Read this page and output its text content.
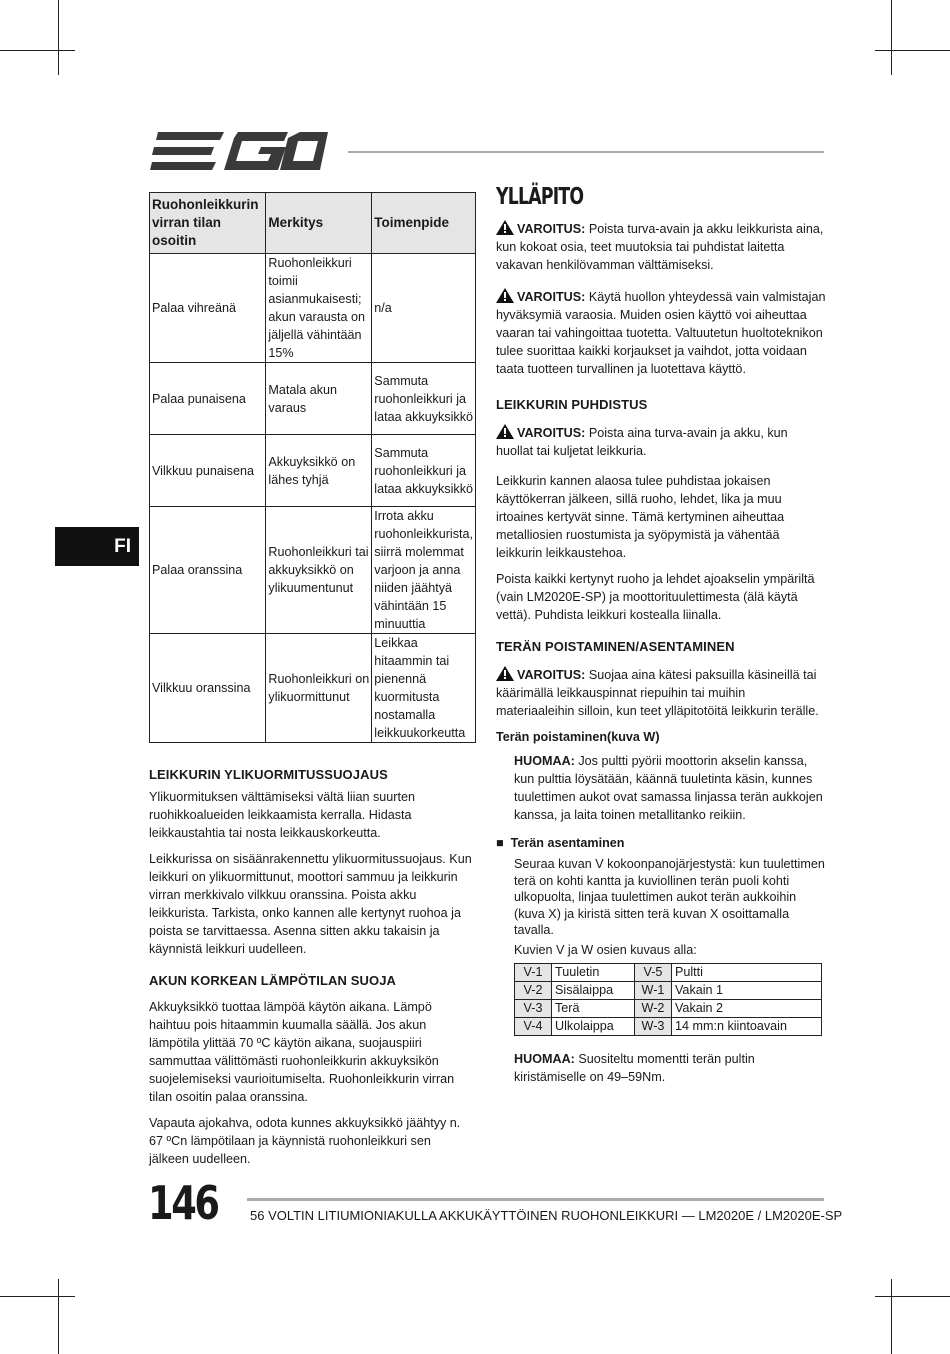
FI
Ruohonleikkurin virran tilan osoitin	Merkitys	Toimenpide
Palaa vihreänä	Ruohonleikkuri toimii asianmukaisesti; akun varausta on jäljellä vähintään 15%	n/a
Palaa punaisena	Matala akun varaus	Sammuta ruohonleikkuri ja lataa akkuyksikkö
Vilkkuu punaisena	Akkuyksikkö on lähes tyhjä	Sammuta ruohonleikkuri ja lataa akkuyksikkö
Palaa oranssina	Ruohonleikkuri tai akkuyksikkö on ylikuumentunut	Irrota akku ruohonleikkurista, siirrä molemmat varjoon ja anna niiden jäähtyä vähintään 15 minuuttia
Vilkkuu oranssina	Ruohonleikkuri on ylikuormittunut	Leikkaa hitaammin tai pienennä kuormitusta nostamalla leikkuukorkeutta
LEIKKURIN YLIKUORMITUSSUOJAUS
Ylikuormituksen välttämiseksi vältä liian suurten ruohikkoalueiden leikkaamista kerralla. Hidasta leikkaustahtia tai nosta leikkauskorkeutta.
Leikkurissa on sisäänrakennettu ylikuormitussuojaus. Kun leikkuri on ylikuormittunut, moottori sammuu ja leikkurin virran merkkivalo vilkkuu oranssina. Poista akku leikkurista. Tarkista, onko kannen alle kertynyt ruohoa ja poista se tarvittaessa. Asenna sitten akku takaisin ja käynnistä leikkuri uudelleen.
AKUN KORKEAN LÄMPÖTILAN SUOJA
Akkuyksikkö tuottaa lämpöä käytön aikana. Lämpö haihtuu pois hitaammin kuumalla säällä. Jos akun lämpötila ylittää 70 ºC käytön aikana, suojauspiiri sammuttaa välittömästi ruohonleikkurin akkuyksikön suojelemiseksi vaurioitumiselta. Ruohonleikkurin virran tilan osoitin palaa oranssina.
Vapauta ajokahva, odota kunnes akkuyksikkö jäähtyy n. 67 ºCn lämpötilaan ja käynnistä ruohonleikkuri sen jälkeen uudelleen.
YLLÄPITO
VAROITUS: Poista turva-avain ja akku leikkurista aina, kun kokoat osia, teet muutoksia tai puhdistat laitetta vakavan henkilövamman välttämiseksi.
VAROITUS: Käytä huollon yhteydessä vain valmistajan hyväksymiä varaosia. Muiden osien käyttö voi aiheuttaa vaaran tai vahingoittaa tuotetta. Valtuutetun huoltoteknikon tulee suorittaa kaikki korjaukset ja vaihdot, jotta voidaan taata tuotteen turvallinen ja luotettava käyttö.
LEIKKURIN PUHDISTUS
VAROITUS: Poista aina turva-avain ja akku, kun huollat tai kuljetat leikkuria.
Leikkurin kannen alaosa tulee puhdistaa jokaisen käyttökerran jälkeen, sillä ruoho, lehdet, lika ja muu irtoaines kertyvät sinne. Tämä kertyminen aiheuttaa metalliosien ruostumista ja syöpymistä ja vähentää leikkurin leikkaustehoa.
Poista kaikki kertynyt ruoho ja lehdet ajoakselin ympäriltä (vain LM2020E-SP) ja moottorituulettimesta (älä käytä vettä). Puhdista leikkuri kostealla liinalla.
TERÄN POISTAMINEN/ASENTAMINEN
VAROITUS: Suojaa aina kätesi paksuilla käsineillä tai käärimällä leikkauspinnat riepuihin tai muihin materiaaleihin silloin, kun teet ylläpitotöitä leikkurin terälle.
Terän poistaminen(kuva W)
HUOMAA: Jos pultti pyörii moottorin akselin kanssa, kun pulttia löysätään, käännä tuuletinta käsin, kunnes tuulettimen aukot ovat samassa linjassa terän aukkojen kanssa, ja laita toinen metallitanko reikiin.
■  Terän asentaminen
Seuraa kuvan V kokoonpanojärjestystä: kun tuulettimen terä on kohti kantta ja kuviollinen terän puoli kohti ulkopuolta, linjaa tuulettimen aukot terän aukkoihin (kuva X) ja kiristä sitten terä kuvan X osoittamalla tavalla.
Kuvien V ja W osien kuvaus alla:
V-1	Tuuletin	V-5	Pultti
V-2	Sisälaippa	W-1	Vakain 1
V-3	Terä	W-2	Vakain 2
V-4	Ulkolaippa	W-3	14 mm:n kiintoavain
HUOMAA: Suositeltu momentti terän pultin kiristämiselle on 49–59Nm.
146 56 VOLTIN LITIUMIONIAKULLA AKKUKÄYTTÖINEN RUOHONLEIKKURI — LM2020E / LM2020E-SP
